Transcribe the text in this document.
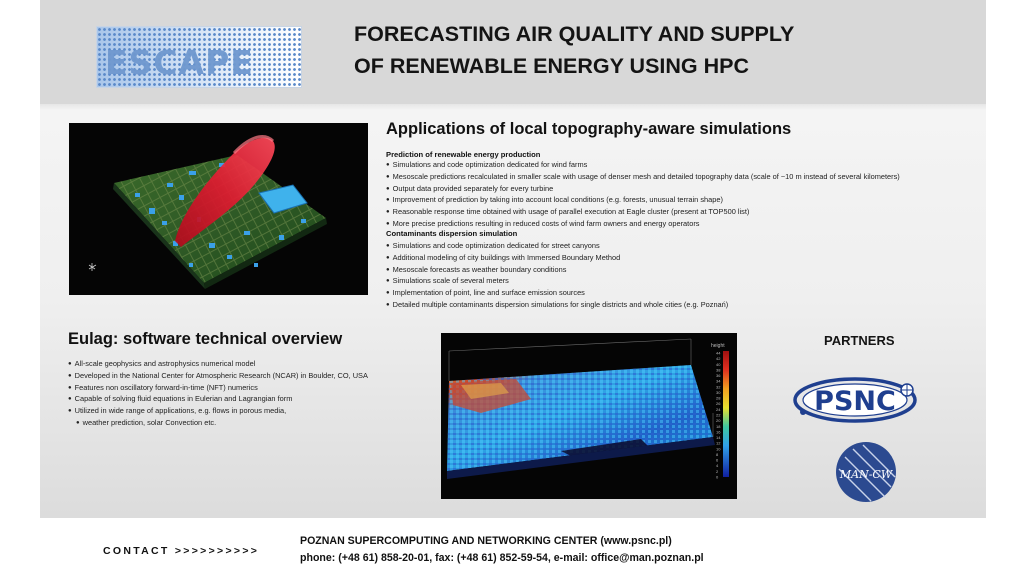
ESCAPE
FORECASTING AIR QUALITY AND SUPPLY
OF RENEWABLE ENERGY USING HPC
Applications of local topography-aware simulations
Prediction of renewable energy production
● Simulations and code optimization dedicated for wind farms
● Mesoscale predictions recalculated in smaller scale with usage of denser mesh and detailed topography data (scale of ~10 m instead of several kilometers)
● Output data provided separately for every turbine
● Improvement of prediction by taking into account local conditions (e.g. forests, unusual terrain shape)
● Reasonable response time obtained with usage of parallel execution at Eagle cluster (present at TOP500 list)
● More precise predictions resulting in reduced costs of wind farm owners and energy operators
Contaminants dispersion simulation
● Simulations and code optimization dedicated for street canyons
● Additional modeling of city buildings with Immersed Boundary Method
● Mesoscale forecasts as weather boundary conditions
● Simulations scale of several meters
● Implementation of point, line and surface emission sources
● Detailed multiple contaminants dispersion simulations for single districts and whole cities (e.g. Poznań)
Eulag: software technical overview
● All-scale geophysics and astrophysics numerical model
● Developed in the National Center for Atmospheric Research (NCAR) in Boulder, CO, USA
● Features non oscillatory forward-in-time (NFT) numerics
● Capable of solving fluid equations in Eulerian and Lagrangian form
● Utilized in wide range of applications, e.g. flows in porous media,
● weather prediction, solar Convection etc.
height
44
42
40
38
36
34
32
30
28
26
24
22
20
18
16
14
12
10
8
6
4
2
0
PARTNERS
PSNC
MAN-CW
CONTACT >>>>>>>>>>
POZNAN SUPERCOMPUTING AND NETWORKING CENTER (www.psnc.pl)
phone: (+48 61) 858-20-01, fax: (+48 61) 852-59-54, e-mail: office@man.poznan.pl
